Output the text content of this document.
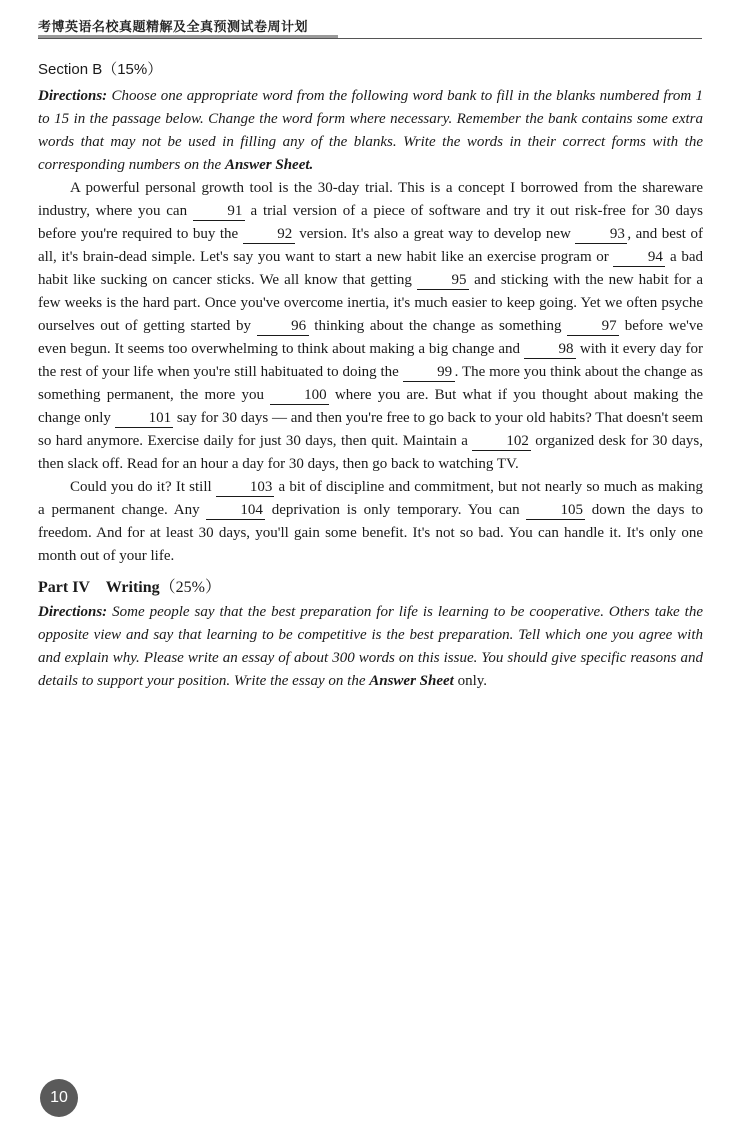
考博英语名校真题精解及全真预测试卷周计划
Section B（15%）

Directions: Choose one appropriate word from the following word bank to fill in the blanks numbered from 1 to 15 in the passage below. Change the word form where necessary. Remember the bank contains some extra words that may not be used in filling any of the blanks. Write the words in their correct forms with the corresponding numbers on the Answer Sheet.

A powerful personal growth tool is the 30-day trial. This is a concept I borrowed from the shareware industry, where you can 91 a trial version of a piece of software and try it out risk-free for 30 days before you're required to buy the 92 version. It's also a great way to develop new 93 , and best of all, it's brain-dead simple. Let's say you want to start a new habit like an exercise program or 94 a bad habit like sucking on cancer sticks. We all know that getting 95 and sticking with the new habit for a few weeks is the hard part. Once you've overcome inertia, it's much easier to keep going. Yet we often psyche ourselves out of getting started by 96 thinking about the change as something 97 before we've even begun. It seems too overwhelming to think about making a big change and 98 with it every day for the rest of your life when you're still habituated to doing the 99 . The more you think about the change as something permanent, the more you 100 where you are. But what if you thought about making the change only 101 say for 30 days — and then you're free to go back to your old habits? That doesn't seem so hard anymore. Exercise daily for just 30 days, then quit. Maintain a 102 organized desk for 30 days, then slack off. Read for an hour a day for 30 days, then go back to watching TV.

Could you do it? It still 103 a bit of discipline and commitment, but not nearly so much as making a permanent change. Any 104 deprivation is only temporary. You can 105 down the days to freedom. And for at least 30 days, you'll gain some benefit. It's not so bad. You can handle it. It's only one month out of your life.

Part IV　Writing（25%）

Directions: Some people say that the best preparation for life is learning to be cooperative. Others take the opposite view and say that learning to be competitive is the best preparation. Tell which one you agree with and explain why. Please write an essay of about 300 words on this issue. You should give specific reasons and details to support your position. Write the essay on the Answer Sheet only.

10
